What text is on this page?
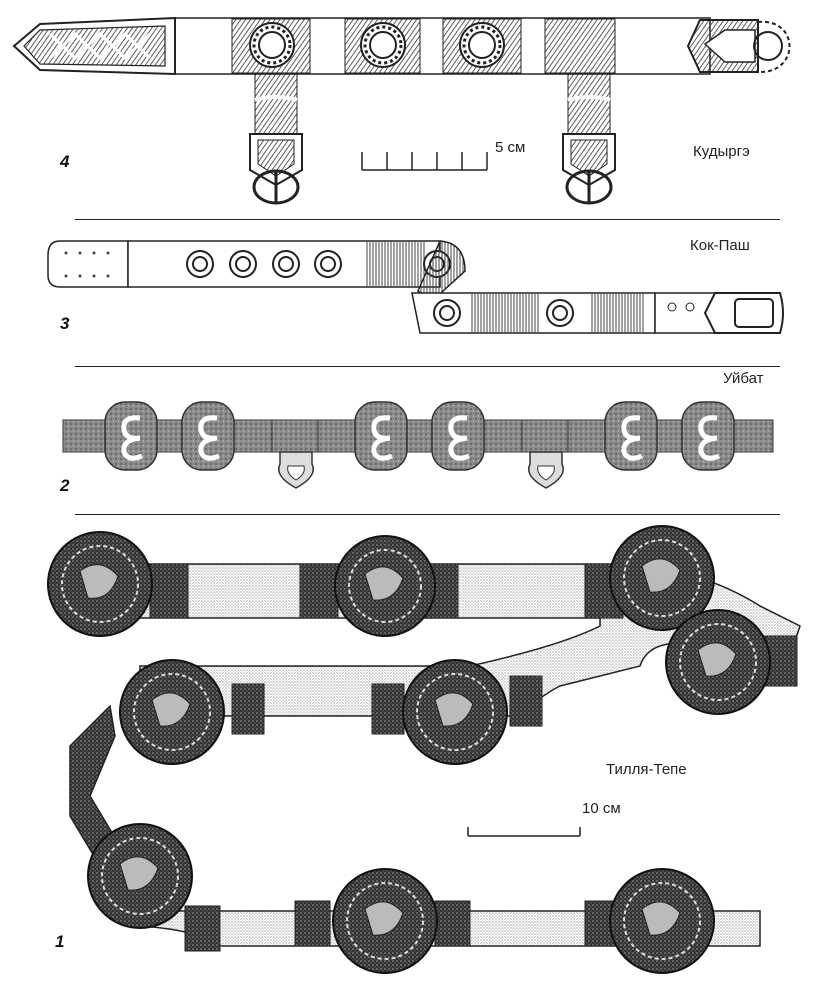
5 см	Кудыргэ
4
Кок-Паш
3
Уйбат
2
Тилля-Тепе
10 см
1
